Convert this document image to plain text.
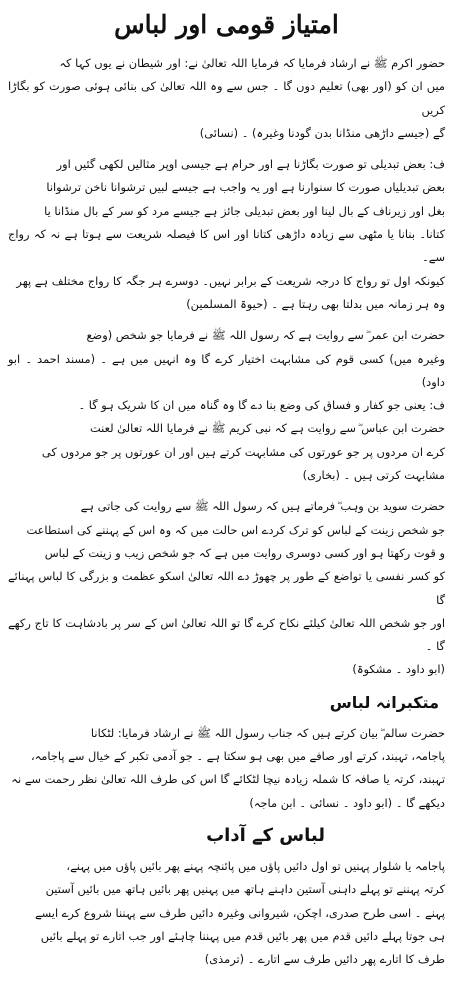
امتیاز قومی اور لباس

حضور اکرم ﷺ نے ارشاد فرمایا کہ فرمایا اللہ تعالیٰ نے: اور شیطان نے یوں کہا کہ
میں ان کو (اور بھی) تعلیم دوں گا ۔ جس سے وہ اللہ تعالیٰ کی بنائی ہوئی صورت کو بگاڑا کریں
گے (جیسے داڑھی منڈانا بدن گودنا وغیرہ) ۔ (نسائی)

ف: بعض تبدیلی تو صورت بگاڑنا ہے اور حرام ہے جیسی اوپر مثالیں لکھی گئیں اور
بعض تبدیلیاں صورت کا سنوارنا ہے اور یہ واجب ہے جیسے لبیں ترشوانا ناخن ترشوانا
بغل اور زیرناف کے بال لینا اور بعض تبدیلی جائز ہے جیسے مرد کو سر کے بال منڈانا یا
کتانا۔ بنانا یا مٹھی سے زیادہ داڑھی کتانا اور اس کا فیصلہ شریعت سے ہوتا ہے نہ کہ رواج سے۔
کیونکہ اول تو رواج کا درجہ شریعت کے برابر نہیں۔ دوسرے ہر جگہ کا رواج مختلف ہے پھر
وہ ہر زمانہ میں بدلتا بھی رہتا ہے ۔ (حیوۃ المسلمین)

حضرت ابن عمر ؓ سے روایت ہے کہ رسول اللہ ﷺ نے فرمایا جو شخص (وضع
وغیرہ میں) کسی قوم کی مشابہت اختیار کرے گا وہ انہیں میں ہے ۔ (مسند احمد ۔ ابو داود)

ف: یعنی جو کفار و فساق کی وضع بنا دے گا وہ گناہ میں ان کا شریک ہو گا ۔

حضرت ابن عباس ؓ سے روایت ہے کہ نبی کریم ﷺ نے فرمایا اللہ تعالیٰ لعنت
کرے ان مردوں پر جو عورتوں کی مشابہت کرتے ہیں اور ان عورتوں پر جو مردوں کی
مشابہت کرتی ہیں ۔ (بخاری)

حضرت سوید بن وہب ؓ فرماتے ہیں کہ رسول اللہ ﷺ سے روایت کی جاتی ہے
جو شخص زینت کے لباس کو ترک کردے اس حالت میں کہ وہ اس کے پہننے کی استطاعت
و قوت رکھتا ہو اور کسی دوسری روایت میں ہے کہ جو شخص زیب و زینت کے لباس
کو کسر نفسی یا تواضع کے طور پر چھوڑ دے اللہ تعالیٰ اسکو عظمت و بزرگی کا لباس پہنائے گا
اور جو شخص اللہ تعالیٰ کیلئے نکاح کرے گا تو اللہ تعالیٰ اس کے سر پر بادشاہت کا تاج رکھے گا ۔
(ابو داود ۔ مشکوۃ)

متکبرانہ لباس

حضرت سالم ؓ بیان کرتے ہیں کہ جناب رسول اللہ ﷺ نے ارشاد فرمایا: لٹکانا
پاجامہ، تہبند، کرتے اور صافے میں بھی ہو سکتا ہے ۔ جو آدمی تکبر کے خیال سے پاجامہ،
تہبند، کرتہ یا صافہ کا شملہ زیادہ نیچا لٹکائے گا اس کی طرف اللہ تعالیٰ نظر رحمت سے نہ
دیکھے گا ۔ (ابو داود ۔ نسائی ۔ ابن ماجہ)

لباس کے آداب

پاجامہ یا شلوار پہنیں تو اول دائیں پاؤں میں پائنچہ پہنے پھر بائیں پاؤں میں پہنے،
کرتہ پہننے تو پہلے داہنی آستین داہنے ہاتھ میں پہنیں پھر بائیں ہاتھ میں بائیں آستین
پہنے ۔ اسی طرح صدری، اچکن، شیروانی وغیرہ دائیں طرف سے پہننا شروع کرے ایسے
ہی جوتا پہلے دائیں قدم میں پھر بائیں قدم میں پہننا چاہئے اور جب اتارے تو پہلے بائیں
طرف کا اتارے پھر دائیں طرف سے اتارے ۔ (ترمذی)
